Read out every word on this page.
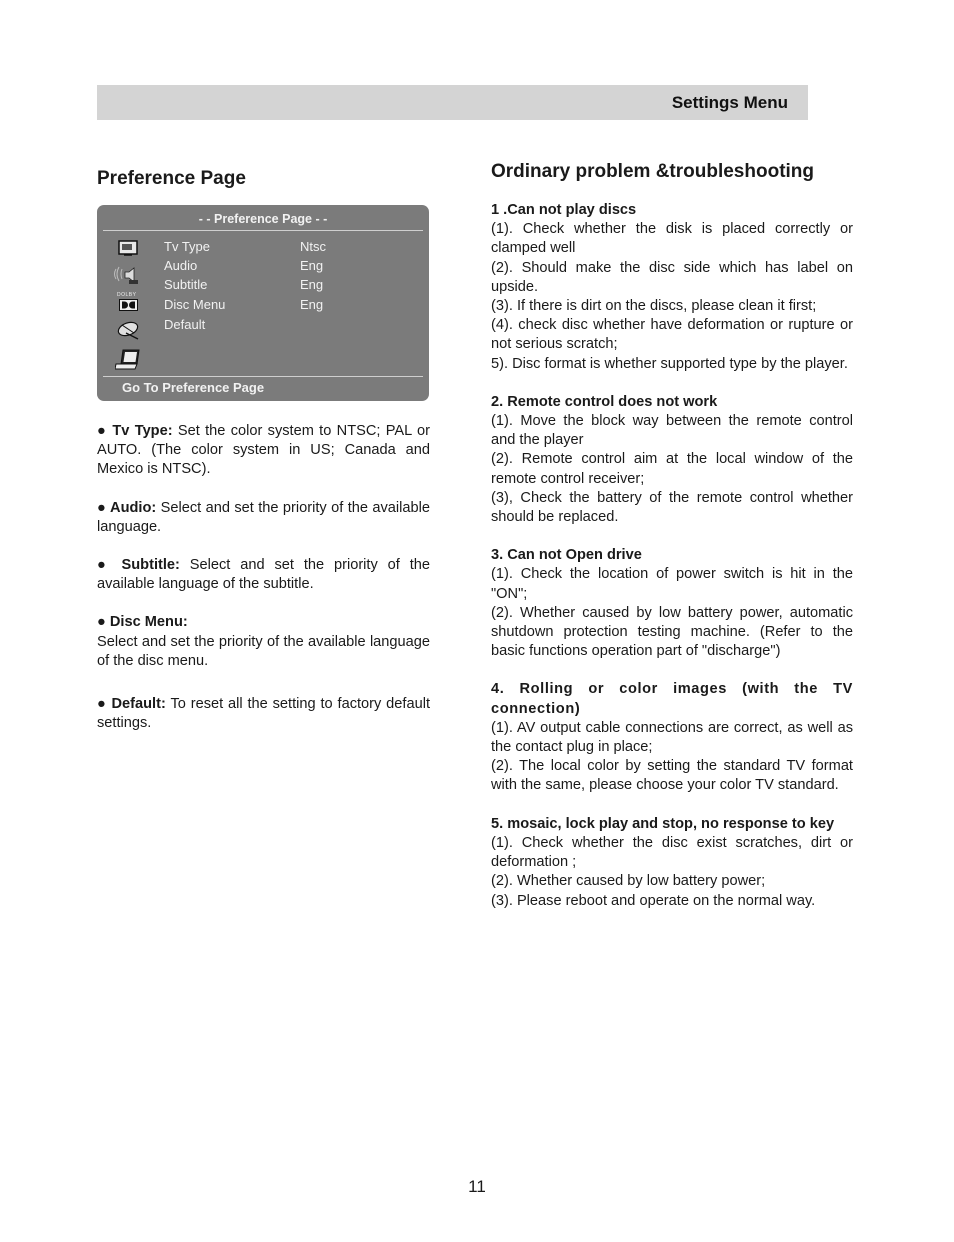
Settings Menu
Preference Page
- - Preference Page - -
DOLBY
Tv Type	Ntsc
Audio	Eng
Subtitle	Eng
Disc Menu	Eng
Default
Go To Preference Page

● Tv Type: Set the color system to NTSC; PAL or AUTO. (The color system in US; Canada and Mexico is NTSC).

● Audio: Select and set the priority of the available language.

● Subtitle: Select and set the priority of the available language of the subtitle.

● Disc Menu:
Select and set the priority of the available language of the disc menu.

● Default: To reset all the setting to factory default settings.

Ordinary problem &troubleshooting
1 .Can not play discs

(1). Check whether the disk is placed correctly or clamped well

(2). Should make the disc side which has label on upside.

(3). If there is dirt on the discs, please clean it first;

(4). check disc whether have deformation or rupture or not serious scratch;

5). Disc format is whether supported type by the player.

2. Remote control does not work

(1). Move the block way between the remote control and the player

(2). Remote control aim at the local window of the remote control receiver;

(3), Check the battery of the remote control whether should be replaced.

3. Can not Open drive

(1). Check the location of power switch is hit in the "ON";

(2). Whether caused by low battery power, automatic shutdown protection testing machine. (Refer to the basic functions operation part of "discharge")

4. Rolling or color images (with the TV connection)

(1). AV output cable connections are correct, as well as the contact plug in place;

(2). The local color by setting the standard TV format with the same, please choose your color TV standard.

5. mosaic, lock play and stop, no response to key

(1). Check whether the disc exist scratches, dirt or deformation ;

(2). Whether caused by low battery power;

(3). Please reboot and operate on the normal way.

11
